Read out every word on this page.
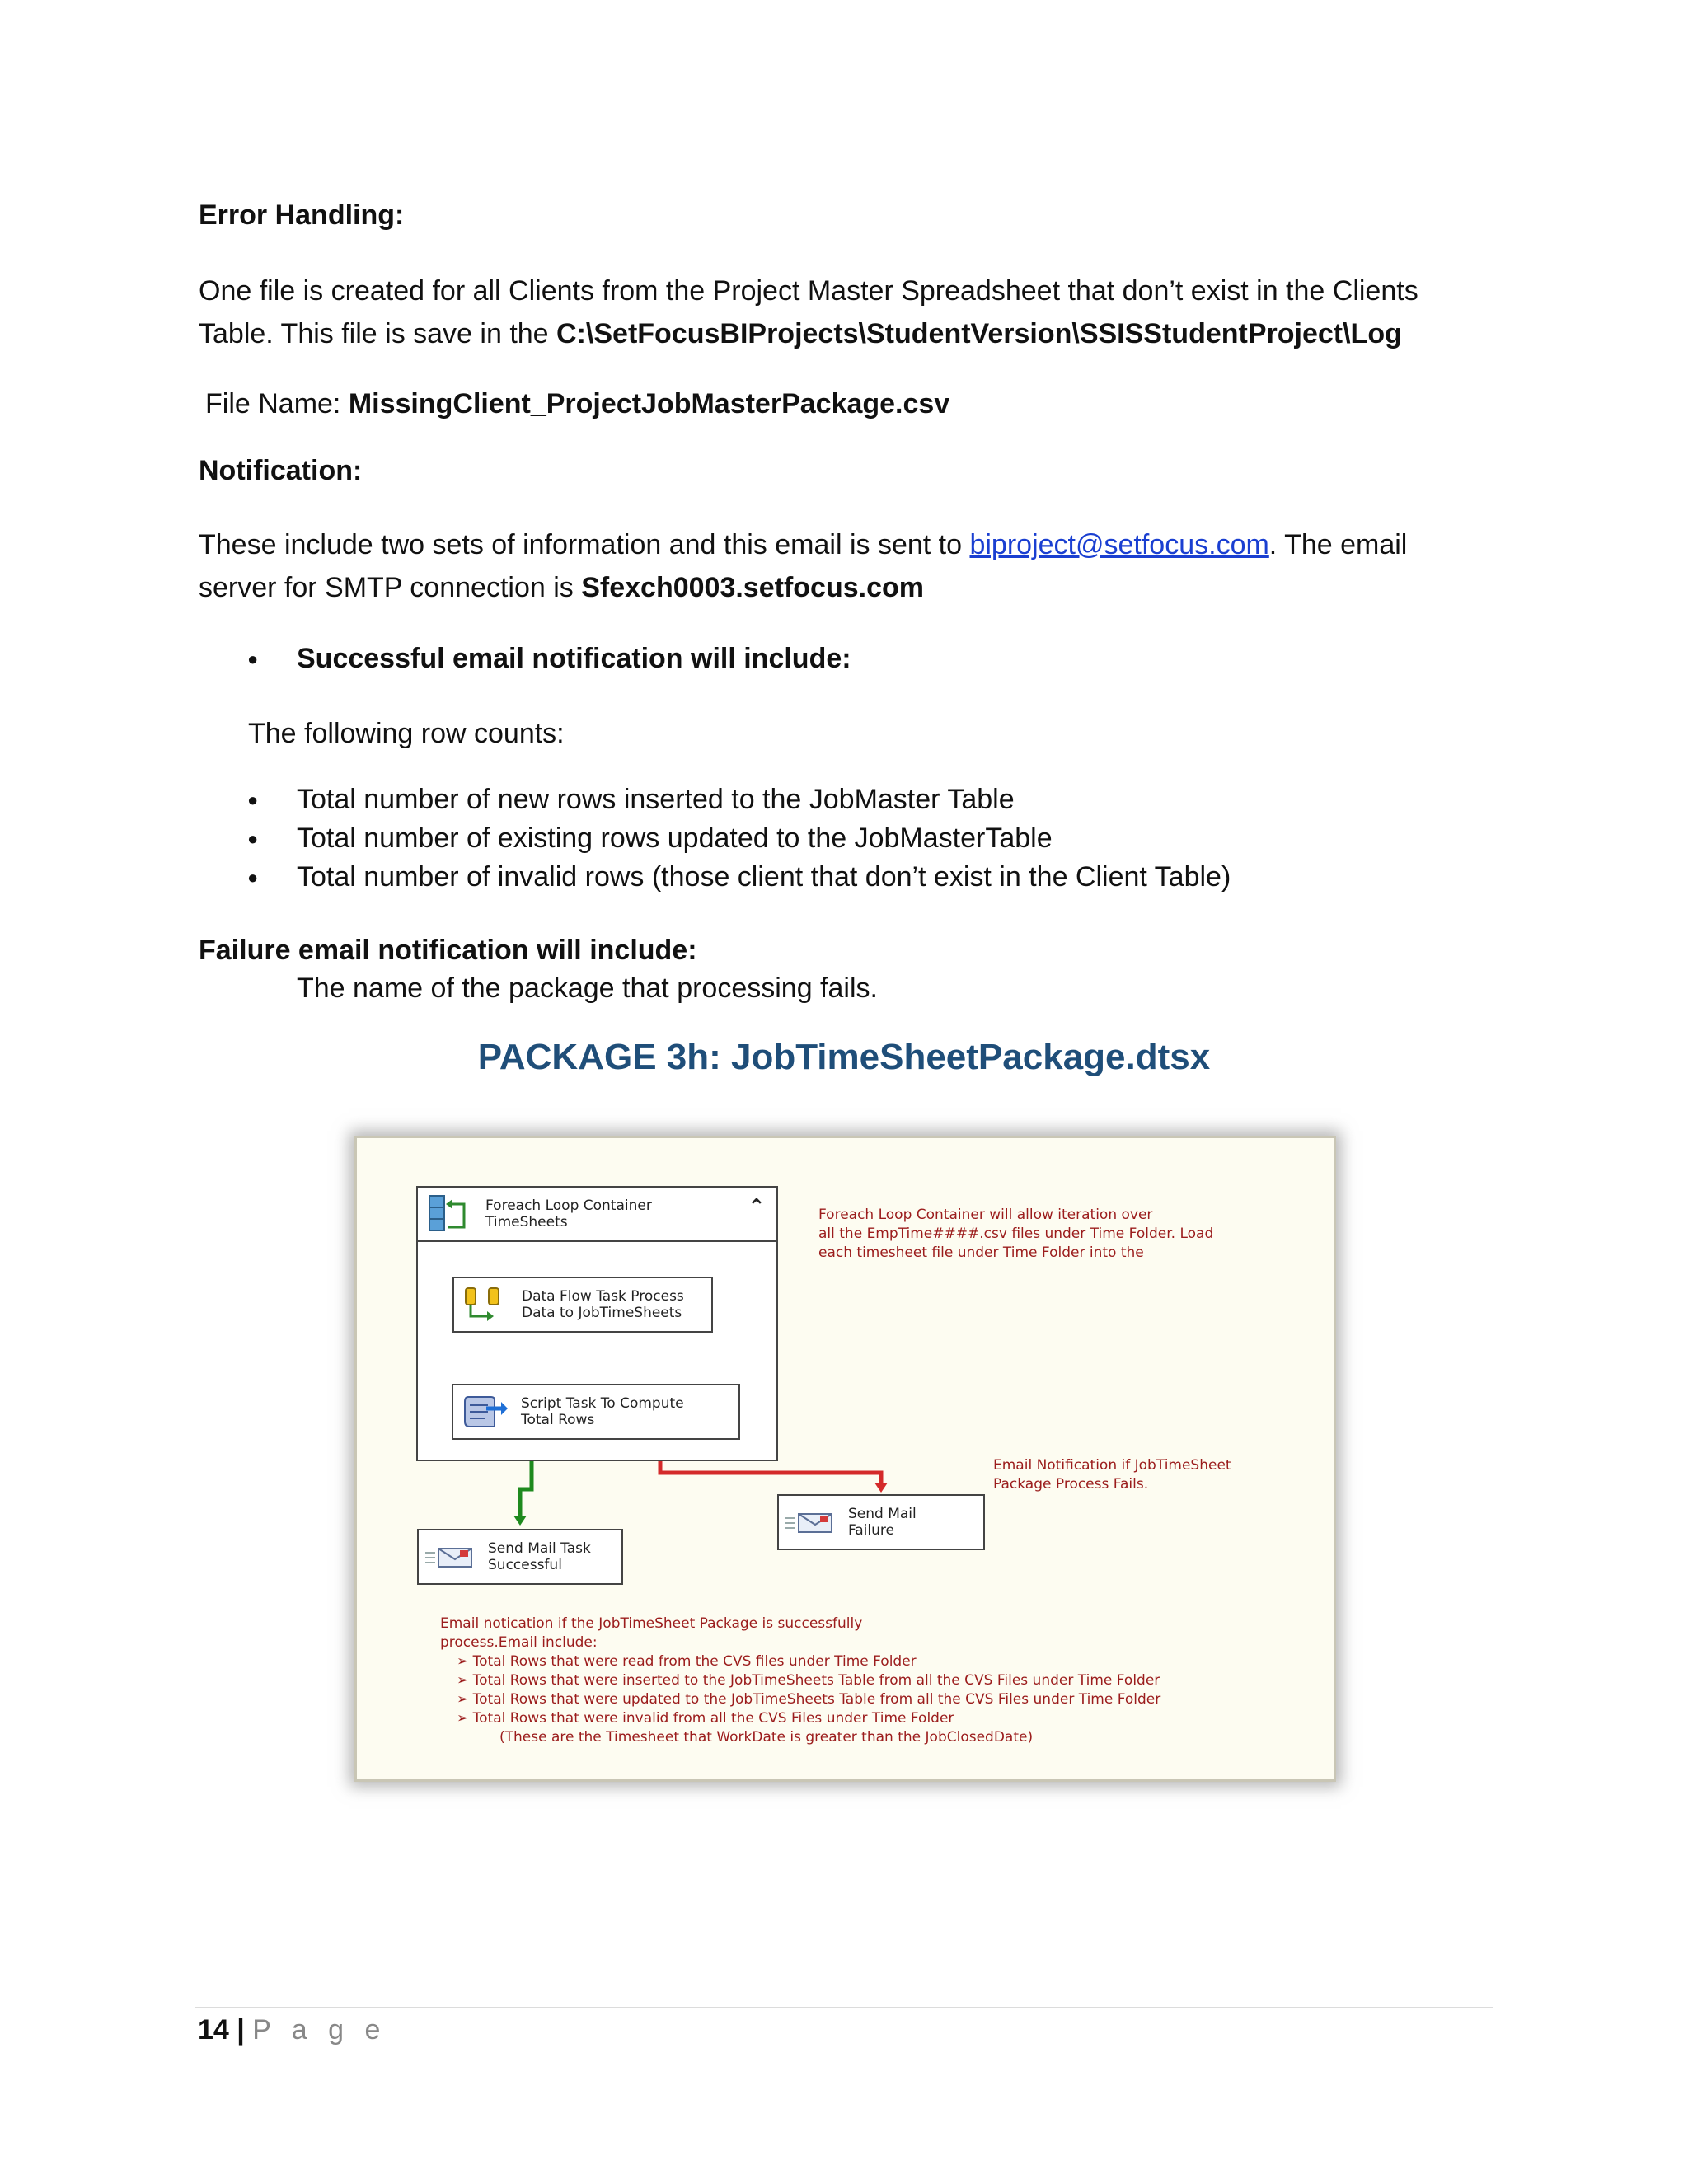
Error Handling:
One file is created for all Clients from the Project Master Spreadsheet that don’t exist in the Clients
Table. This file is save in the C:\SetFocusBIProjects\StudentVersion\SSISStudentProject\Log
File Name: MissingClient_ProjectJobMasterPackage.csv
Notification:
These include two sets of information and this email is sent to biproject@setfocus.com. The email
server for SMTP connection is Sfexch0003.setfocus.com
● Successful email notification will include:
The following row counts:
● Total number of new rows inserted to the JobMaster Table
● Total number of existing rows updated to the JobMasterTable
● Total number of invalid rows (those client that don’t exist in the Client Table)
Failure email notification will include:
The name of the package that processing fails.
PACKAGE 3h: JobTimeSheetPackage.dtsx
Foreach Loop Container
TimeSheets
⌃
Data Flow Task Process
Data to JobTimeSheets
Script Task To Compute
Total Rows
Send Mail
Failure
Send Mail Task
Successful
Foreach Loop Container will allow iteration over
all the EmpTime####.csv files under Time Folder. Load
each timesheet file under Time Folder into the
Email Notification if JobTimeSheet
Package Process Fails.
Email notication if the JobTimeSheet Package is successfully
process.Email include:
➢ Total Rows that were read from the CVS files under Time Folder
➢ Total Rows that were inserted to the JobTimeSheets Table from all the CVS Files under Time Folder
➢ Total Rows that were updated to the JobTimeSheets Table from all the CVS Files under Time Folder
➢ Total Rows that were invalid from all the CVS Files under Time Folder
(These are the Timesheet that WorkDate is greater than the JobClosedDate)
14 | P a g e
